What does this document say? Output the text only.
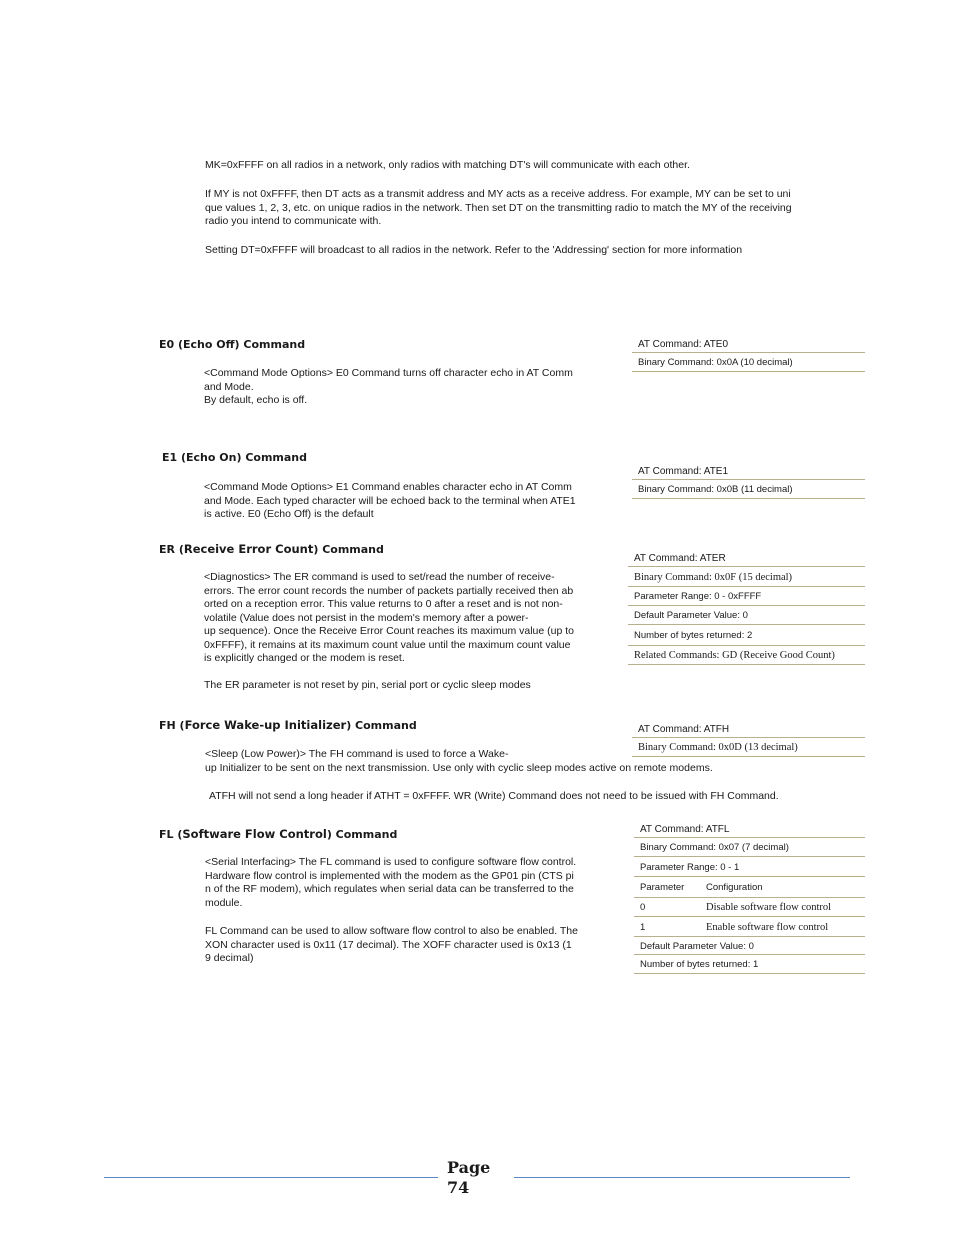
MK=0xFFFF on all radios in a network, only radios with matching DT's will communicate with each other.
If MY is not 0xFFFF, then DT acts as a transmit address and MY acts as a receive address. For example, MY can be set to uni
que values 1, 2, 3, etc. on unique radios in the network. Then set DT on the transmitting radio to match the MY of the receiving
radio you intend to communicate with.
Setting DT=0xFFFF will broadcast to all radios in the network. Refer to the 'Addressing' section for more information
E0 (Echo Off) Command
<Command Mode Options> E0 Command turns off character echo in AT Comm
and Mode.
By default, echo is off.
AT Command: ATE0
Binary Command: 0x0A (10 decimal)
E1 (Echo On) Command
<Command Mode Options> E1 Command enables character echo in AT Comm
and Mode. Each typed character will be echoed back to the terminal when ATE1
is active. E0 (Echo Off) is the default
AT Command: ATE1
Binary Command: 0x0B (11 decimal)
ER (Receive Error Count) Command
<Diagnostics> The ER command is used to set/read the number of receive-
errors. The error count records the number of packets partially received then ab
orted on a reception error. This value returns to 0 after a reset and is not non-
volatile (Value does not persist in the modem's memory after a power-
up sequence). Once the Receive Error Count reaches its maximum value (up to
0xFFFF), it remains at its maximum count value until the maximum count value
is explicitly changed or the modem is reset.
The ER parameter is not reset by pin, serial port or cyclic sleep modes
AT Command: ATER
Binary Command: 0x0F (15 decimal)
Parameter Range: 0 - 0xFFFF
Default Parameter Value: 0
Number of bytes returned: 2
Related Commands: GD (Receive Good Count)
FH (Force Wake-up Initializer) Command
<Sleep (Low Power)> The FH command is used to force a Wake-
up Initializer to be sent on the next transmission. Use only with cyclic sleep modes active on remote modems.
ATFH will not send a long header if ATHT = 0xFFFF. WR (Write) Command does not need to be issued with FH Command.
AT Command: ATFH
Binary Command: 0x0D (13 decimal)
FL (Software Flow Control) Command
<Serial Interfacing> The FL command is used to configure software flow control.
Hardware flow control is implemented with the modem as the GP01 pin (CTS pi
n of the RF modem), which regulates when serial data can be transferred to the
module.
FL Command can be used to allow software flow control to also be enabled. The
XON character used is 0x11 (17 decimal). The XOFF character used is 0x13 (1
9 decimal)
AT Command: ATFL
Binary Command: 0x07 (7 decimal)
Parameter Range: 0 - 1
Parameter Configuration
0	Disable software flow control
1	Enable software flow control
Default Parameter Value: 0
Number of bytes returned: 1
Page
74
